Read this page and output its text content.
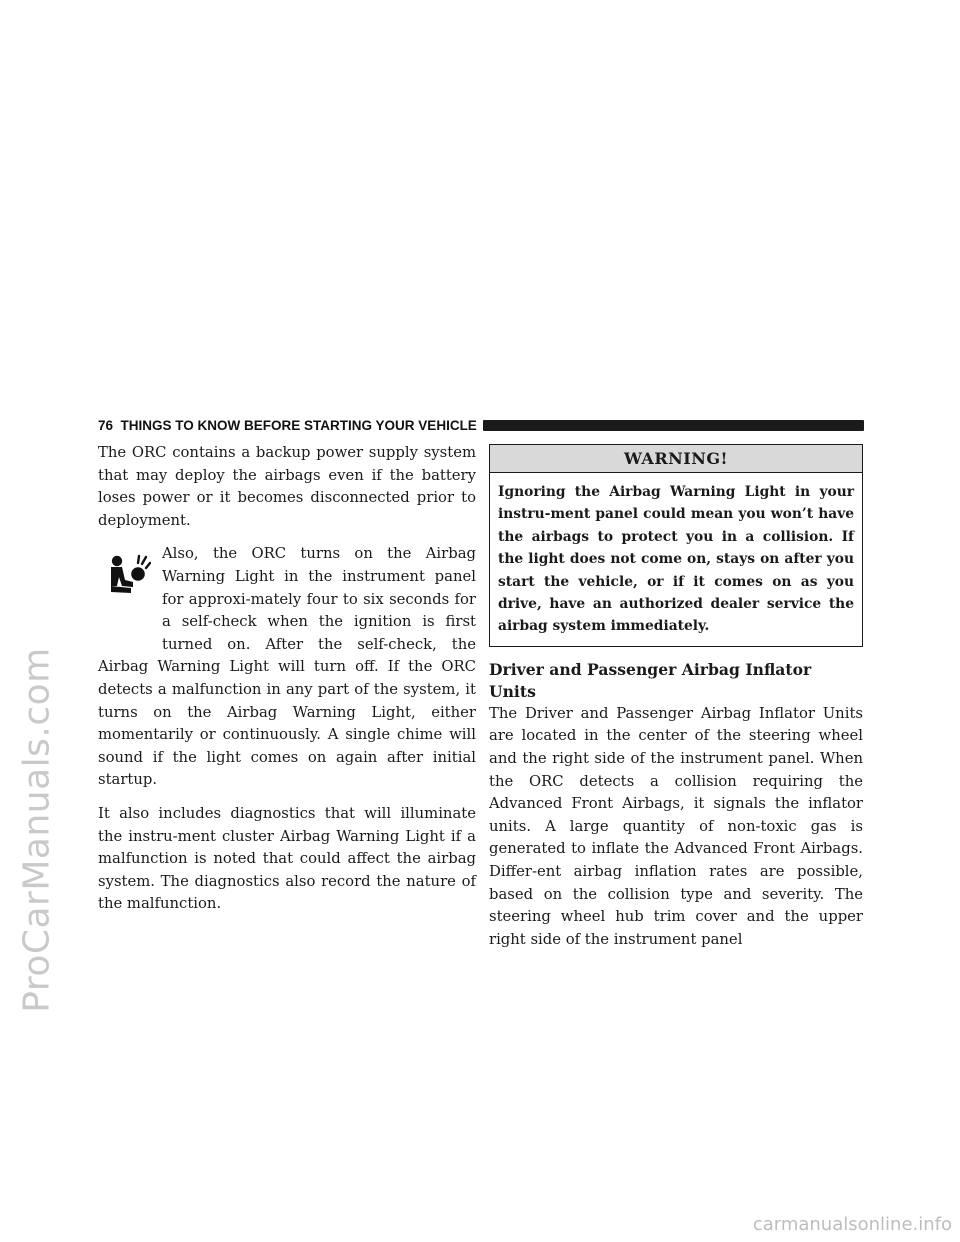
ProCarManuals.com
76 THINGS TO KNOW BEFORE STARTING YOUR VEHICLE

The ORC contains a backup power supply system that may deploy the airbags even if the battery loses power or it becomes disconnected prior to deployment.

Also, the ORC turns on the Airbag Warning Light in the instrument panel for approxi-mately four to six seconds for a self-check when the ignition is first turned on. After the self-check, the Airbag Warning Light will turn off. If the ORC detects a malfunction in any part of the system, it turns on the Airbag Warning Light, either momentarily or continuously. A single chime will sound if the light comes on again after initial startup.

It also includes diagnostics that will illuminate the instru-ment cluster Airbag Warning Light if a malfunction is noted that could affect the airbag system. The diagnostics also record the nature of the malfunction.

WARNING!
Ignoring the Airbag Warning Light in your instru-ment panel could mean you won’t have the airbags to protect you in a collision. If the light does not come on, stays on after you start the vehicle, or if it comes on as you drive, have an authorized dealer service the airbag system immediately.
Driver and Passenger Airbag Inflator Units

The Driver and Passenger Airbag Inflator Units are located in the center of the steering wheel and the right side of the instrument panel. When the ORC detects a collision requiring the Advanced Front Airbags, it signals the inflator units. A large quantity of non-toxic gas is generated to inflate the Advanced Front Airbags. Differ-ent airbag inflation rates are possible, based on the collision type and severity. The steering wheel hub trim cover and the upper right side of the instrument panel

carmanualsonline.info
